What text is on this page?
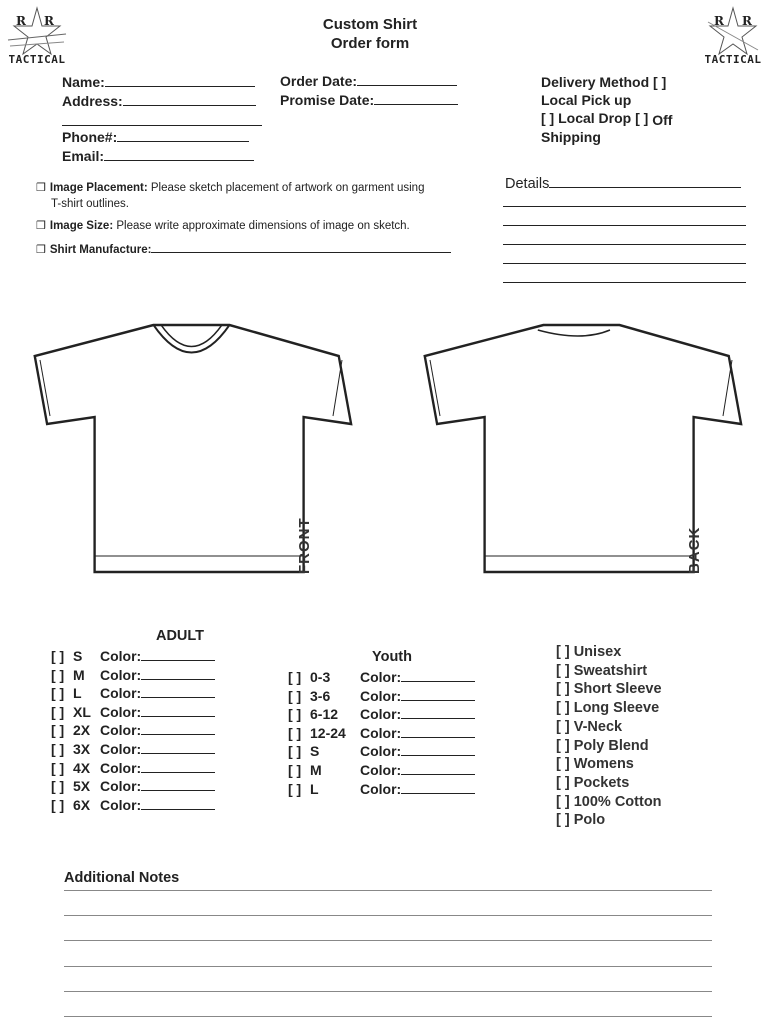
R R
TACTICAL
R R
TACTICAL
Custom Shirt
Order form
Name:
Address:
Phone#:
Email:
Order Date:
Promise Date:
Delivery Method [ ]
Local Pick up
[ ] Local Drop [ ] Off
Shipping
❒ Image Placement: Please sketch placement of artwork on garment using
T-shirt outlines.
❒ Image Size: Please write approximate dimensions of image on sketch.
❒ Shirt Manufacture:
Details
FRONT	BACK
ADULT
[ ] S Color:
[ ] M Color:
[ ] L Color:
[ ] XL Color:
[ ] 2X Color:
[ ] 3X Color:
[ ] 4X Color:
[ ] 5X Color:
[ ] 6X Color:
Youth
[ ] 0-3 Color:
[ ] 3-6 Color:
[ ] 6-12 Color:
[ ] 12-24 Color:
[ ] S	Color:
[ ] M	Color:
[ ] L	Color:
[ ] Unisex
[ ] Sweatshirt
[ ] Short Sleeve
[ ] Long Sleeve
[ ] V-Neck
[ ] Poly Blend
[ ] Womens
[ ] Pockets
[ ] 100% Cotton
[ ] Polo
Additional Notes
